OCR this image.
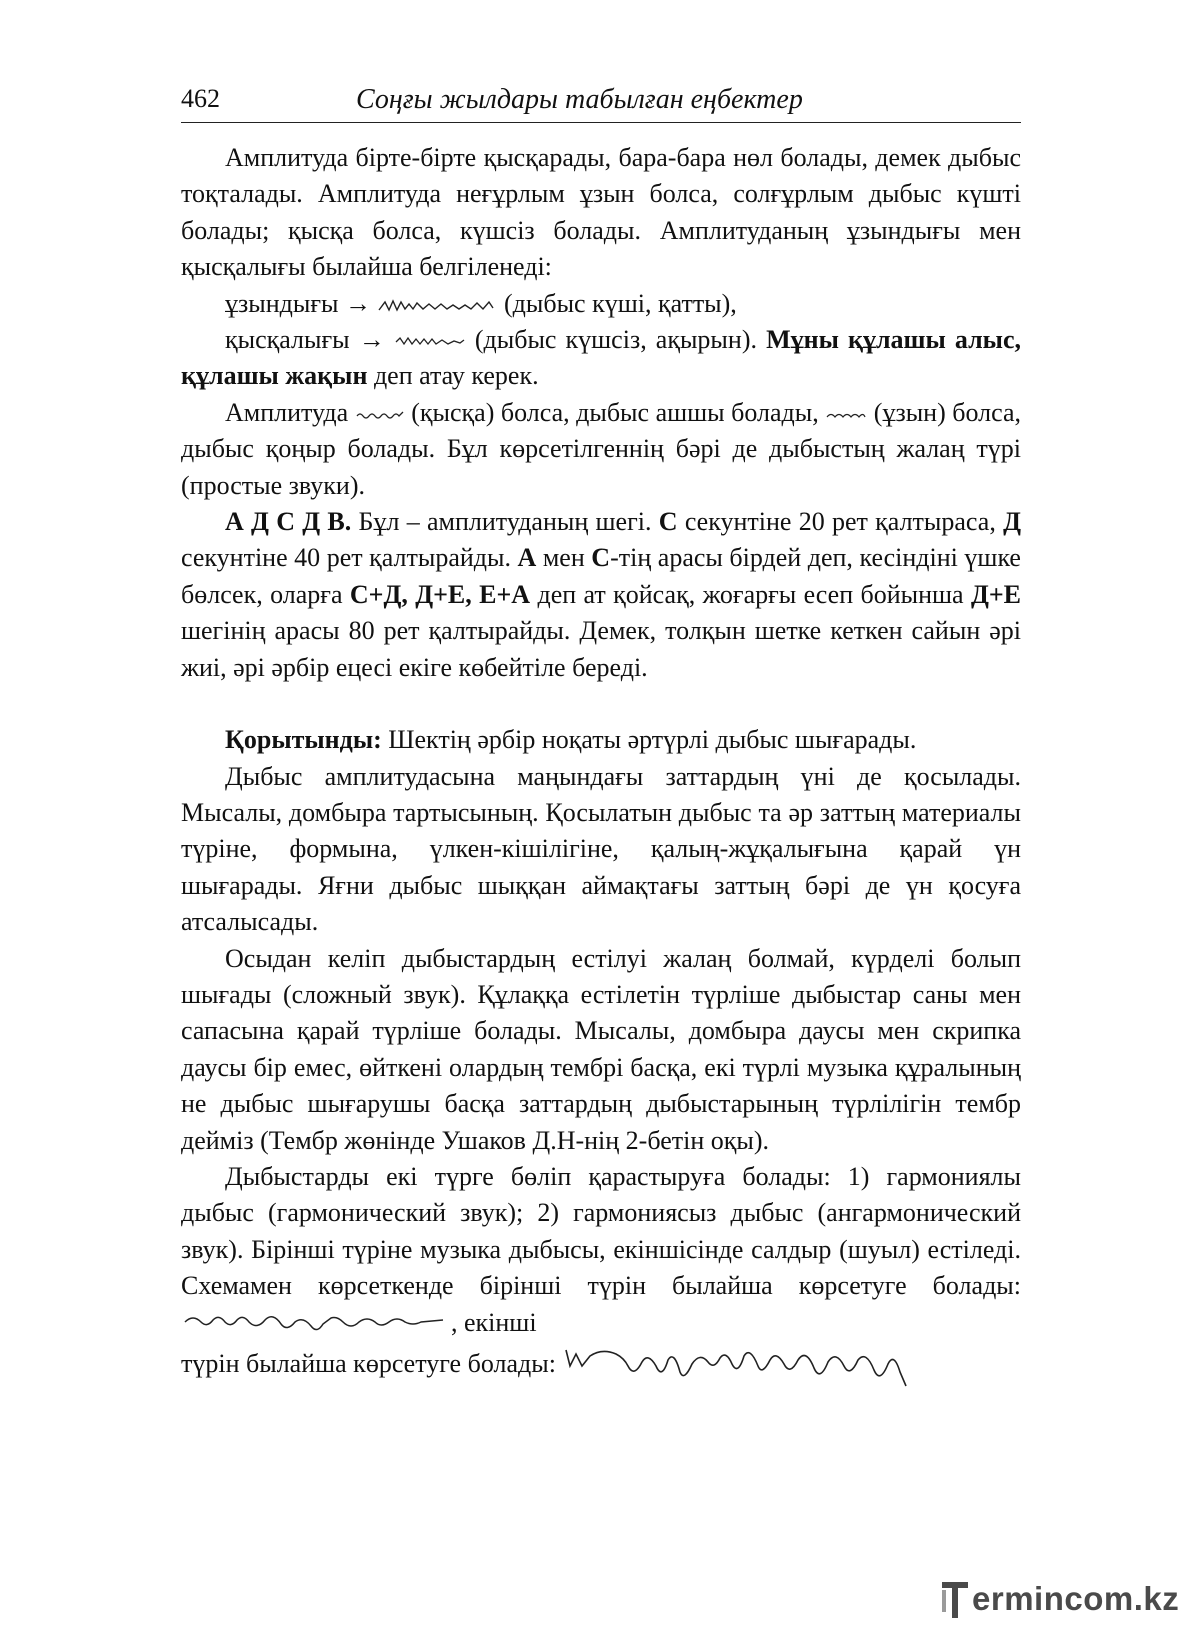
462	Соңғы жылдары табылған еңбектер

Амплитуда бірте-бірте қысқарады, бара-бара нөл болады, демек дыбыс тоқталады. Амплитуда неғұрлым ұзын болса, солғұрлым дыбыс күшті болады; қысқа болса, күшсіз болады. Амплитуданың ұзындығы мен қысқалығы былайша белгіленеді:

ұзындығы →	(дыбыс күші, қатты),

қысқалығы →	(дыбыс күшсіз, ақырын). Мұны құлашы алыс, құлашы жақын деп атау керек.

Амплитуда (қысқа) болса, дыбыс ашшы болады, (ұзын) болса, дыбыс қоңыр болады. Бұл көрсетілгеннің бәрі де дыбыстың жалаң түрі (простые звуки).

А Д С Д В. Бұл – амплитуданың шегі. С секунтіне 20 рет қалтыраса, Д секунтіне 40 рет қалтырайды. А мен С-тің арасы бірдей деп, кесіндіні үшке бөлсек, оларға С+Д, Д+Е, Е+А деп ат қойсақ, жоғарғы есеп бойынша Д+Е шегінің арасы 80 рет қалтырайды. Демек, толқын шетке кеткен сайын әрі жиі, әрі әрбір ецесі екіге көбейтіле береді.

Қорытынды: Шектің әрбір ноқаты әртүрлі дыбыс шығарады.

Дыбыс амплитудасына маңындағы заттардың үні де қосылады. Мысалы, домбыра тартысының. Қосылатын дыбыс та әр заттың материалы түріне, формына, үлкен-кішілігіне, қалың-жұқалығына қарай үн шығарады. Яғни дыбыс шыққан аймақтағы заттың бәрі де үн қосуға атсалысады.

Осыдан келіп дыбыстардың естілуі жалаң болмай, күрделі болып шығады (сложный звук). Құлаққа естілетін түрліше дыбыстар саны мен сапасына қарай түрліше болады. Мысалы, домбыра даусы мен скрипка даусы бір емес, өйткені олардың тембрі басқа, екі түрлі музыка құралының не дыбыс шығарушы басқа заттардың дыбыстарының түрлілігін тембр дейміз (Тембр жөнінде Ушаков Д.Н-нің 2-бетін оқы).

Дыбыстарды екі түрге бөліп қарастыруға болады: 1) гармониялы дыбыс (гармонический звук); 2) гармониясыз дыбыс (ангармонический звук). Бірінші түріне музыка дыбысы, екіншісінде салдыр (шуыл) естіледі. Схемамен көрсеткенде бірінші түрін былайша көрсетуге болады: , екінші
түрін былайша көрсетуге болады:

ermincom.kz
